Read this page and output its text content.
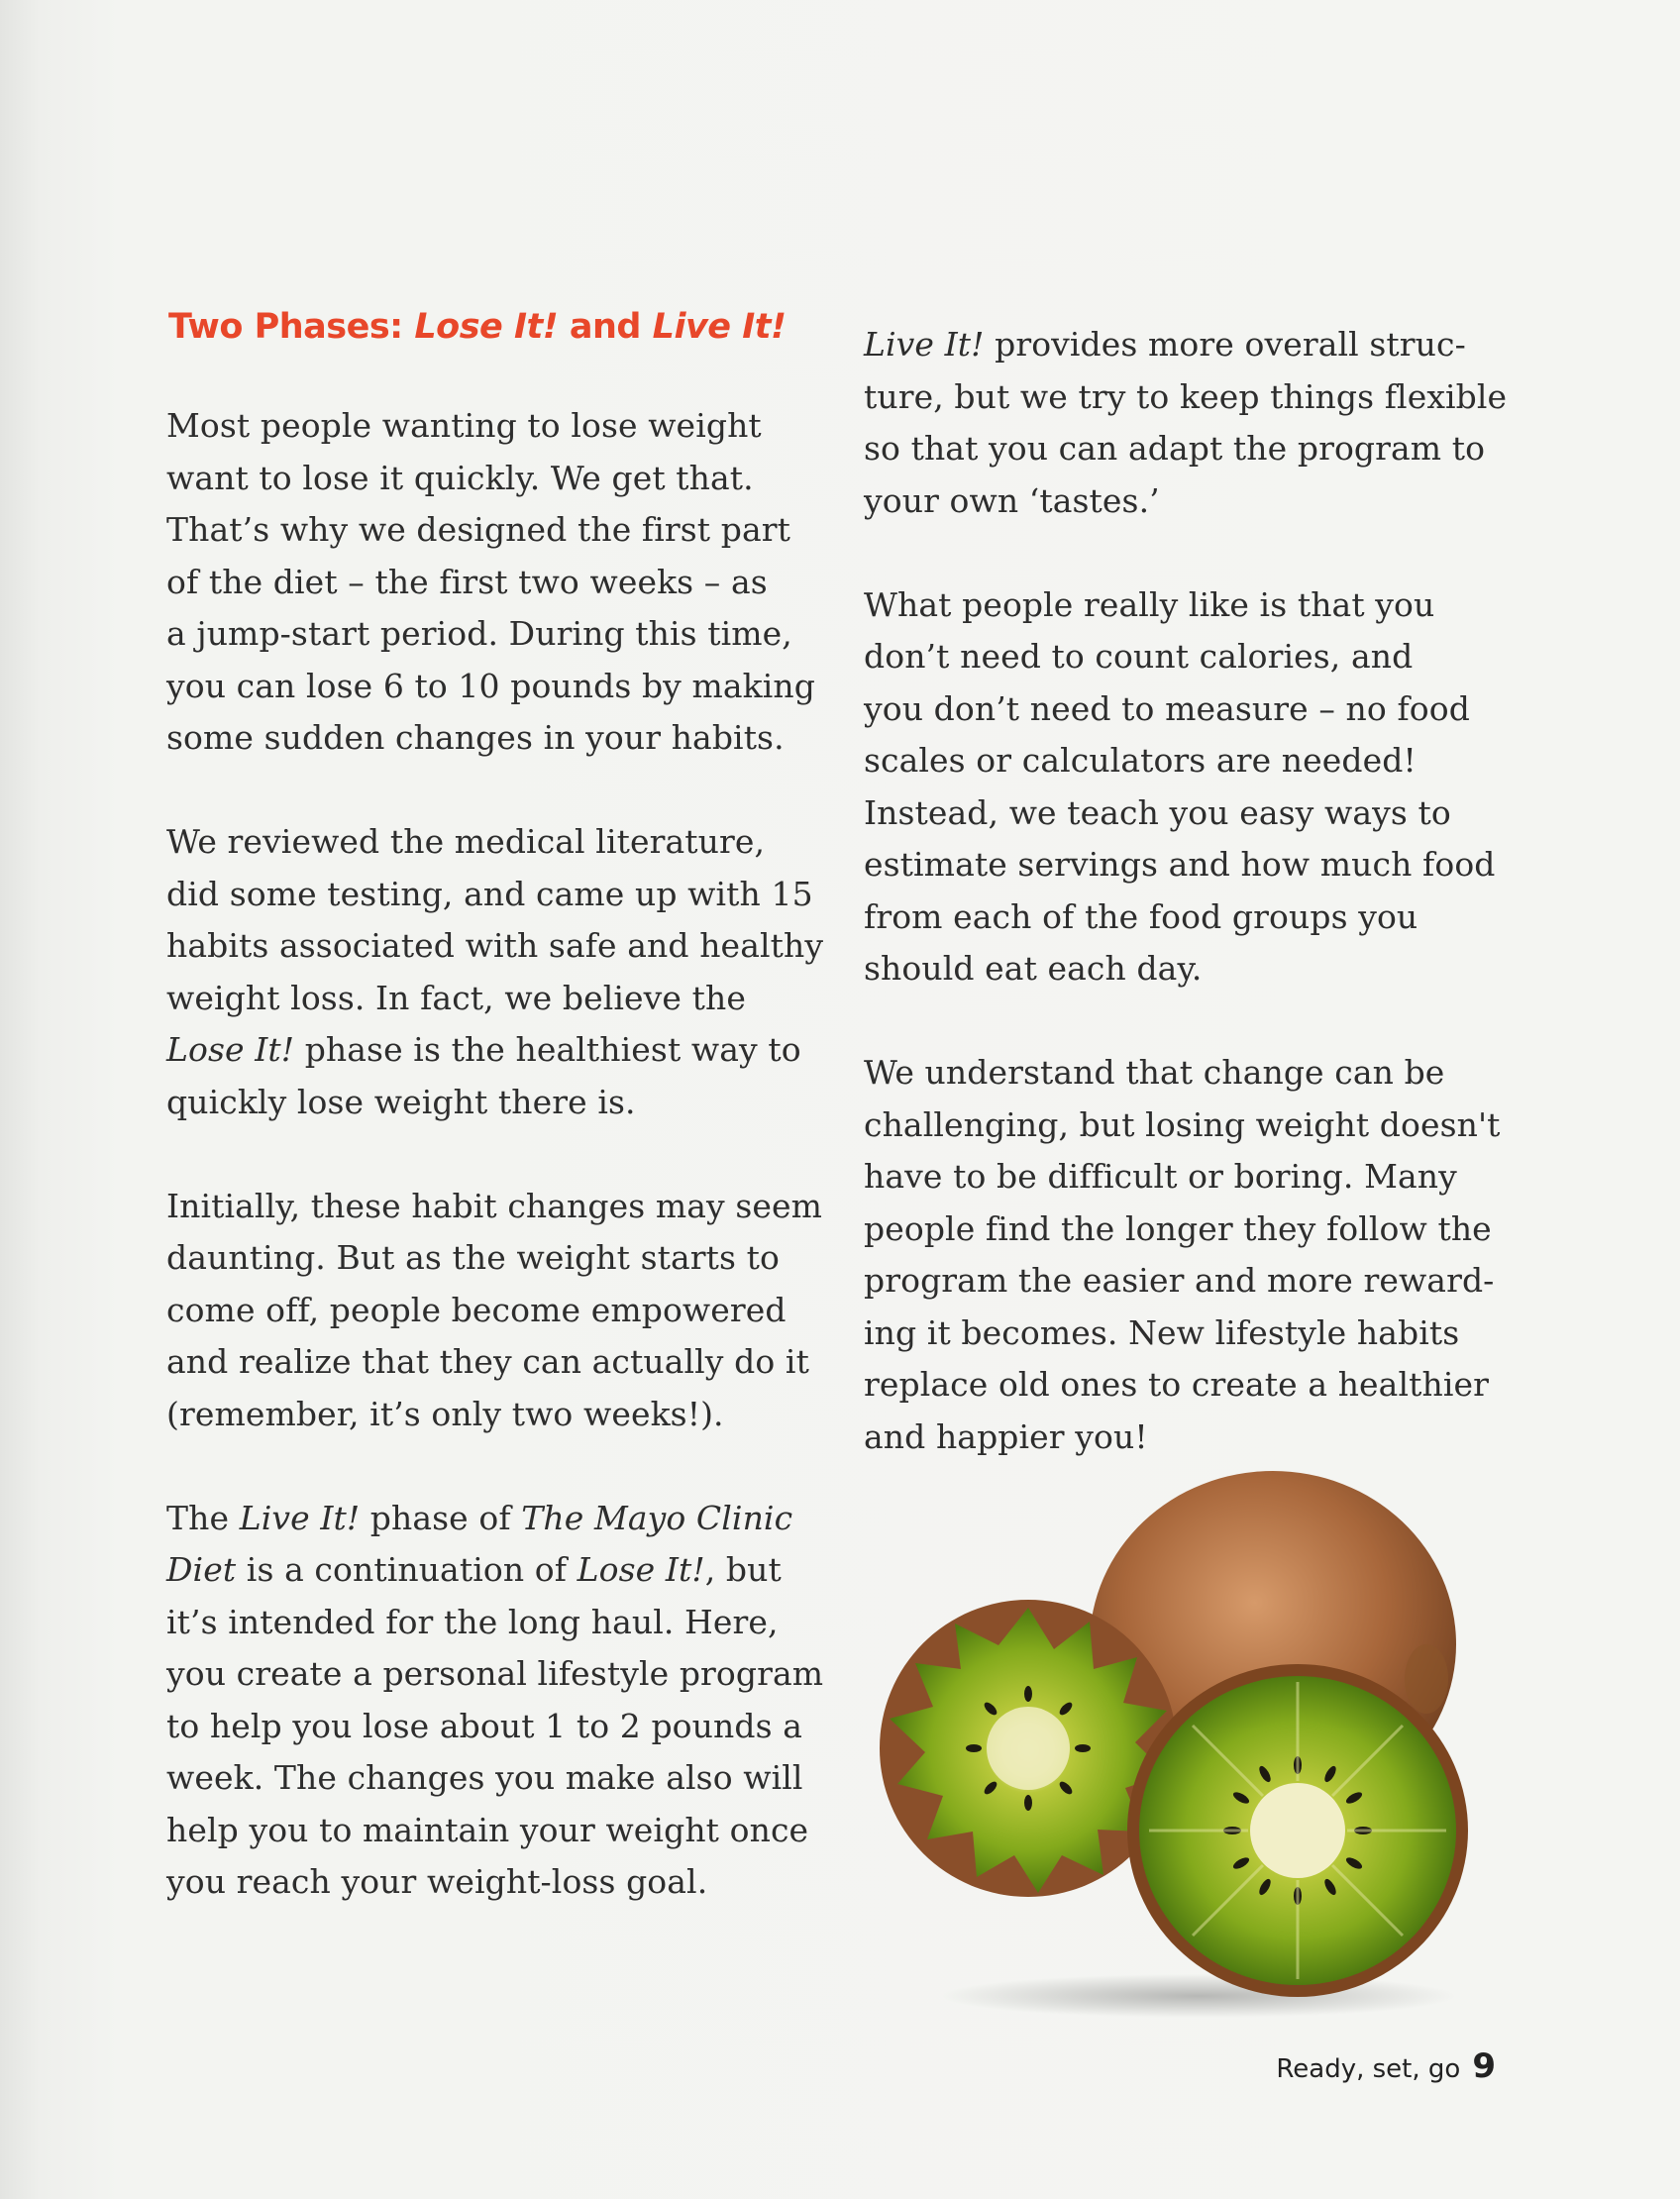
Two Phases: Lose It! and Live It!

Most people wanting to lose weight
want to lose it quickly. We get that.
That’s why we designed the first part
of the diet – the first two weeks – as
a jump-start period. During this time,
you can lose 6 to 10 pounds by making
some sudden changes in your habits.

We reviewed the medical literature,
did some testing, and came up with 15
habits associated with safe and healthy
weight loss. In fact, we believe the
Lose It! phase is the healthiest way to
quickly lose weight there is.

Initially, these habit changes may seem
daunting. But as the weight starts to
come off, people become empowered
and realize that they can actually do it
(remember, it’s only two weeks!).

The Live It! phase of The Mayo Clinic
Diet is a continuation of Lose It!, but
it’s intended for the long haul. Here,
you create a personal lifestyle program
to help you lose about 1 to 2 pounds a
week. The changes you make also will
help you to maintain your weight once
you reach your weight-loss goal.

Live It! provides more overall struc-
ture, but we try to keep things flexible
so that you can adapt the program to
your own ‘tastes.’

What people really like is that you
don’t need to count calories, and
you don’t need to measure – no food
scales or calculators are needed!
Instead, we teach you easy ways to
estimate servings and how much food
from each of the food groups you
should eat each day.

We understand that change can be
challenging, but losing weight doesn't
have to be difficult or boring. Many
people find the longer they follow the
program the easier and more reward-
ing it becomes. New lifestyle habits
replace old ones to create a healthier
and happier you!

Ready, set, go 9
